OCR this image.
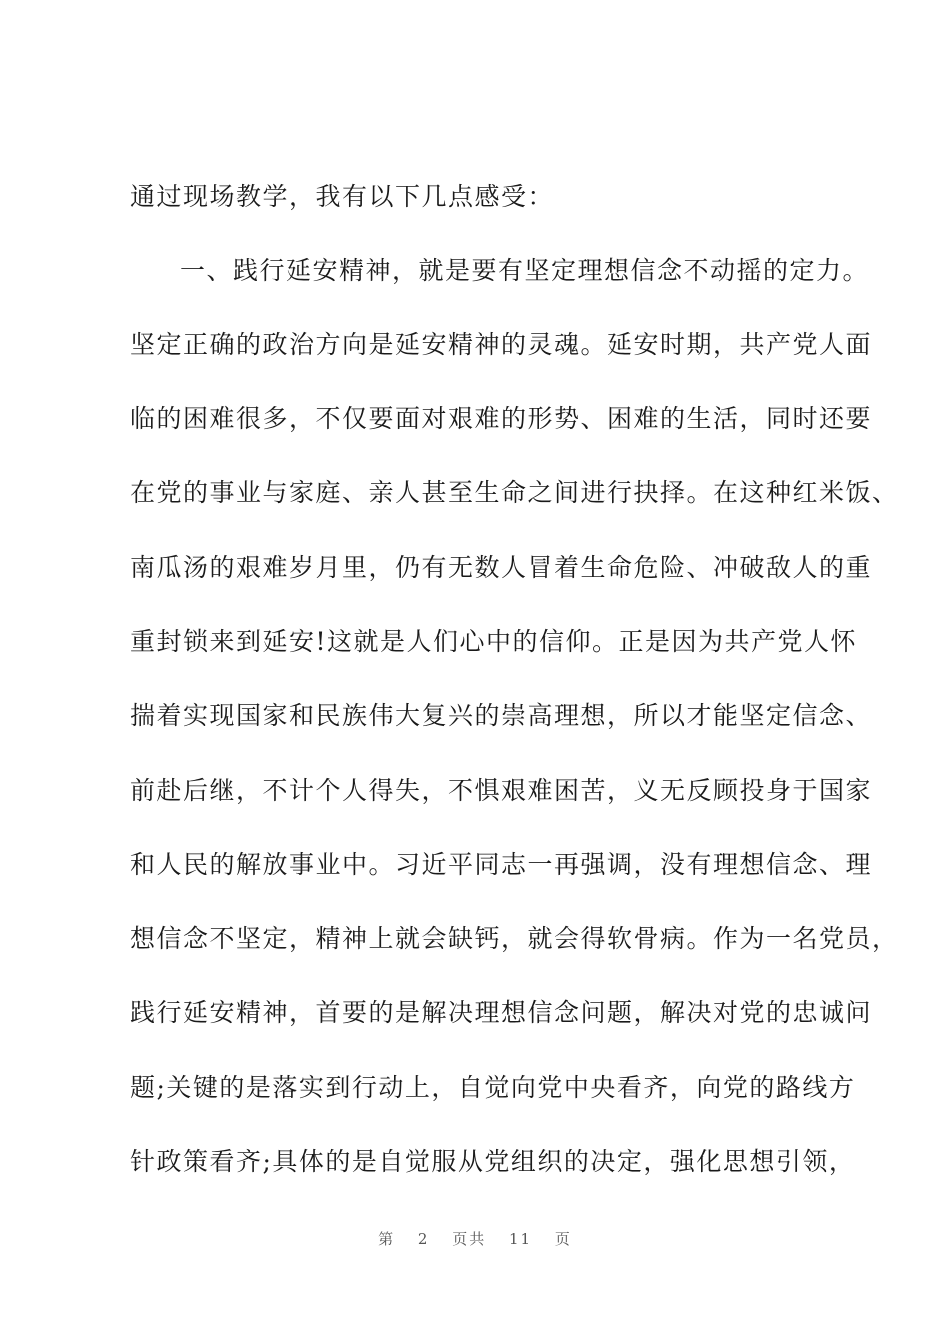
通过现场教学，我有以下几点感受：
一、践行延安精神，就是要有坚定理想信念不动摇的定力。
坚定正确的政治方向是延安精神的灵魂。延安时期，共产党人面
临的困难很多，不仅要面对艰难的形势、困难的生活，同时还要
在党的事业与家庭、亲人甚至生命之间进行抉择。在这种红米饭、
南瓜汤的艰难岁月里，仍有无数人冒着生命危险、冲破敌人的重
重封锁来到延安!这就是人们心中的信仰。正是因为共产党人怀
揣着实现国家和民族伟大复兴的崇高理想，所以才能坚定信念、
前赴后继，不计个人得失，不惧艰难困苦，义无反顾投身于国家
和人民的解放事业中。习近平同志一再强调，没有理想信念、理
想信念不坚定，精神上就会缺钙，就会得软骨病。作为一名党员，
践行延安精神，首要的是解决理想信念问题，解决对党的忠诚问
题;关键的是落实到行动上，自觉向党中央看齐，向党的路线方
针政策看齐;具体的是自觉服从党组织的决定，强化思想引领，
第 2 页共 11 页
